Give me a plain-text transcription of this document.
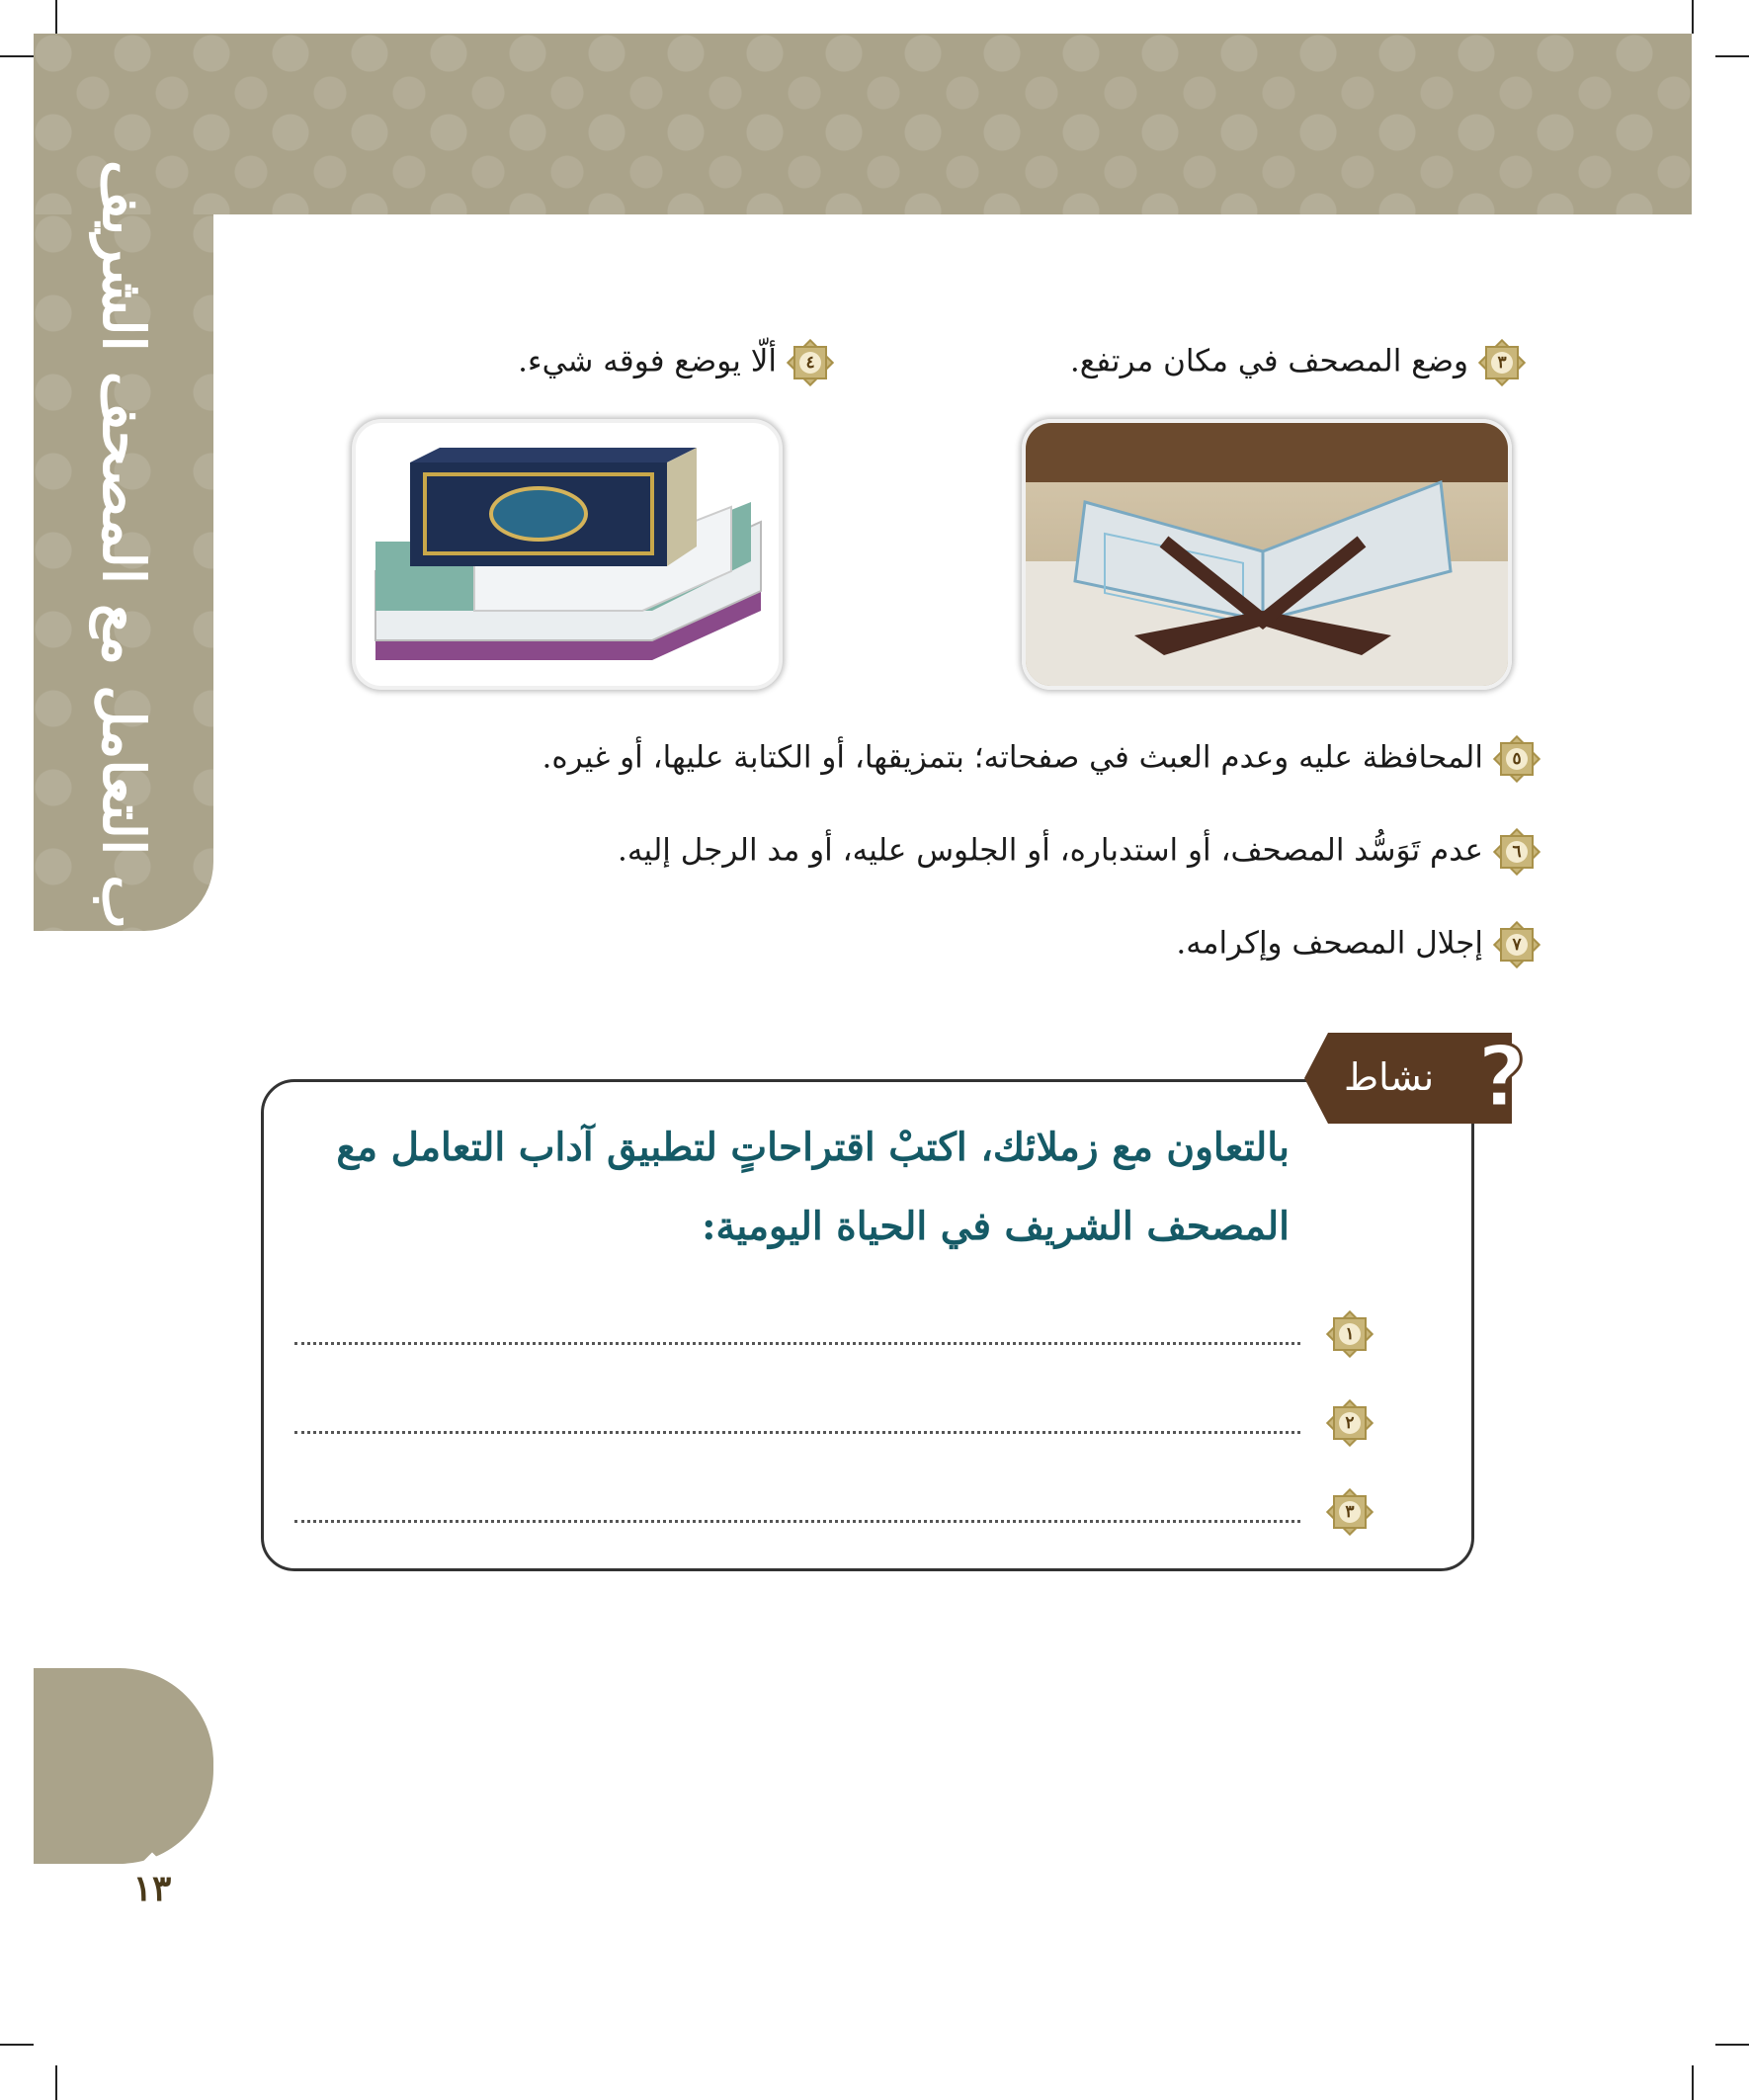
آداب التعامل مع المصحف الشريف
١٣
٣
وضع المصحف في مكان مرتفع.
٤
ألّا يوضع فوقه شيء.
٥
المحافظة عليه وعدم العبث في صفحاته؛ بتمزيقها، أو الكتابة عليها، أو غيره.
٦
عدم تَوَسُّد المصحف، أو استدباره، أو الجلوس عليه، أو مد الرجل إليه.
٧
إجلال المصحف وإكرامه.
نشاط ?
بالتعاون مع زملائك، اكتبْ اقتراحاتٍ لتطبيق آداب التعامل مع
المصحف الشريف في الحياة اليومية:
١
٢
٣
